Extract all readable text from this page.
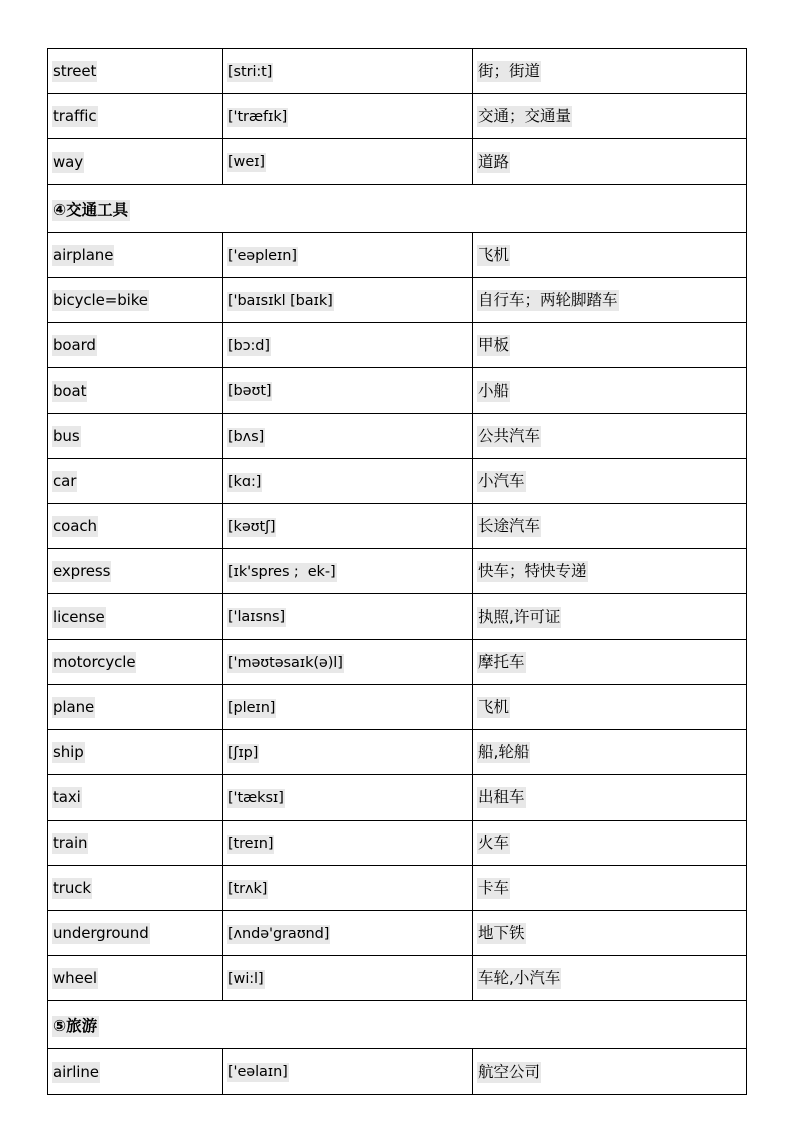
street	[stri:t]	街；街道

traffic	['træfɪk]	交通；交通量

way	[weɪ]	道路

④交通工具		

airplane	['eəpleɪn]	飞机

bicycle=bike	['baɪsɪkl [baɪk]	自行车；两轮脚踏车

board	[bɔ:d]	甲板

boat	[bəʊt]	小船

bus	[bʌs]	公共汽车

car	[kɑ:]	小汽车

coach	[kəʊtʃ]	长途汽车

express	[ɪk'spres ;  ek-]	快车；特快专递

license	['laɪsns]	执照,许可证

motorcycle	['məʊtəsaɪk(ə)l]	摩托车

plane	[pleɪn]	飞机

ship	[ʃɪp]	船,轮船

taxi	['tæksɪ]	出租车

train	[treɪn]	火车

truck	[trʌk]	卡车

underground	[ʌndə'graʊnd]	地下铁

wheel	[wi:l]	车轮,小汽车

⑤旅游		

airline	['eəlaɪn]	航空公司
